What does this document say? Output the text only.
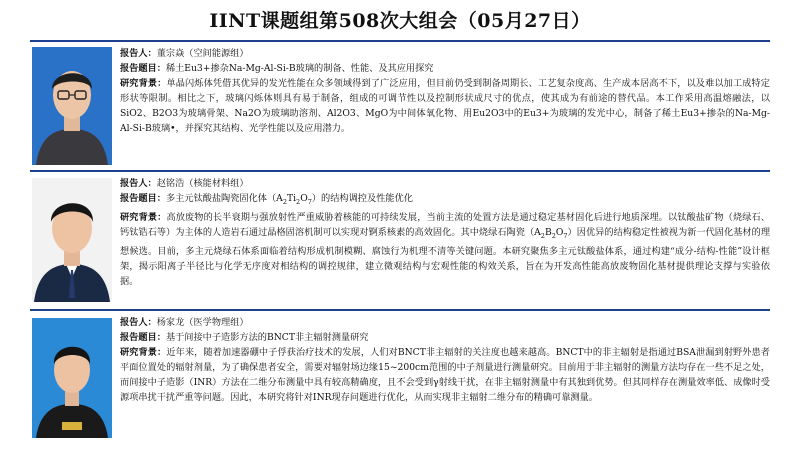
IINT课题组第508次大组会（05月27日）
报告人：董宗焱（空间能源组）
报告题目：稀土Eu3+掺杂Na-Mg-Al-Si-B玻璃的制备、性能、及其应用探究
研究背景：单晶闪烁体凭借其优异的发光性能在众多领域得到了广泛应用，但目前仍受到制备周期长、工艺复杂度高、生产成本居高不下，以及难以加工成特定形状等限制。相比之下，玻璃闪烁体则具有易于制备，组成的可调节性以及控制形状成尺寸的优点，使其成为有前途的替代品。本工作采用高温熔融法，以SiO2、B2O3为玻璃骨架、Na2O为玻璃助溶剂、Al2O3、MgO为中间体氧化物、用Eu2O3中的Eu3+为玻璃的发光中心，制备了稀土Eu3+掺杂的Na-Mg-Al-Si-B玻璃•，并探究其结构、光学性能以及应用潜力。
报告人：赵铭浩（核能材料组）
报告题目：多主元钛酸盐陶瓷固化体$(A_2Ti_2O_7)$的结构调控及性能优化
研究背景：高放废物的长半衰期与强放射性严重威胁着核能的可持续发展，当前主流的处置方法是通过稳定基材固化后进行地质深埋。以钛酸盐矿物（烧绿石、钙钛锆石等）为主体的人造岩石通过晶格固溶机制可以实现对锕系核素的高效固化。其中烧绿石陶瓷$(A_2B_2O_7)$因优异的结构稳定性被视为新一代固化基材的理想候选。目前，多主元烧绿石体系面临着结构形成机制模糊、腐蚀行为机理不清等关键问题。本研究聚焦多主元钛酸盐体系，通过构建“成分-结构-性能”设计框架，揭示阳离子半径比与化学无序度对相结构的调控规律，建立微观结构与宏观性能的构效关系，旨在为开发高性能高放废物固化基材提供理论支撑与实验依据。
报告人：杨家龙（医学物理组）
报告题目：基于间接中子造影方法的BNCT非主辐射测量研究
研究背景：近年来，随着加速器硼中子俘获治疗技术的发展，人们对BNCT非主辐射的关注度也越来越高。BNCT中的非主辐射是指通过BSA泄漏到射野外患者平面位置处的辐射剂量，为了确保患者安全，需要对辐射场边缘15~200cm范围的中子剂量进行测量研究。目前用于非主辐射的测量方法均存在一些不足之处，而间接中子造影（INR）方法在二维分布测量中具有较高精确度，且不会受到γ射线干扰，在非主辐射测量中有其独到优势。但其同样存在测量效率低、成像时受源项串扰干扰严重等问题。因此，本研究将针对INR现存问题进行优化，从而实现非主辐射二维分布的精确可靠测量。
